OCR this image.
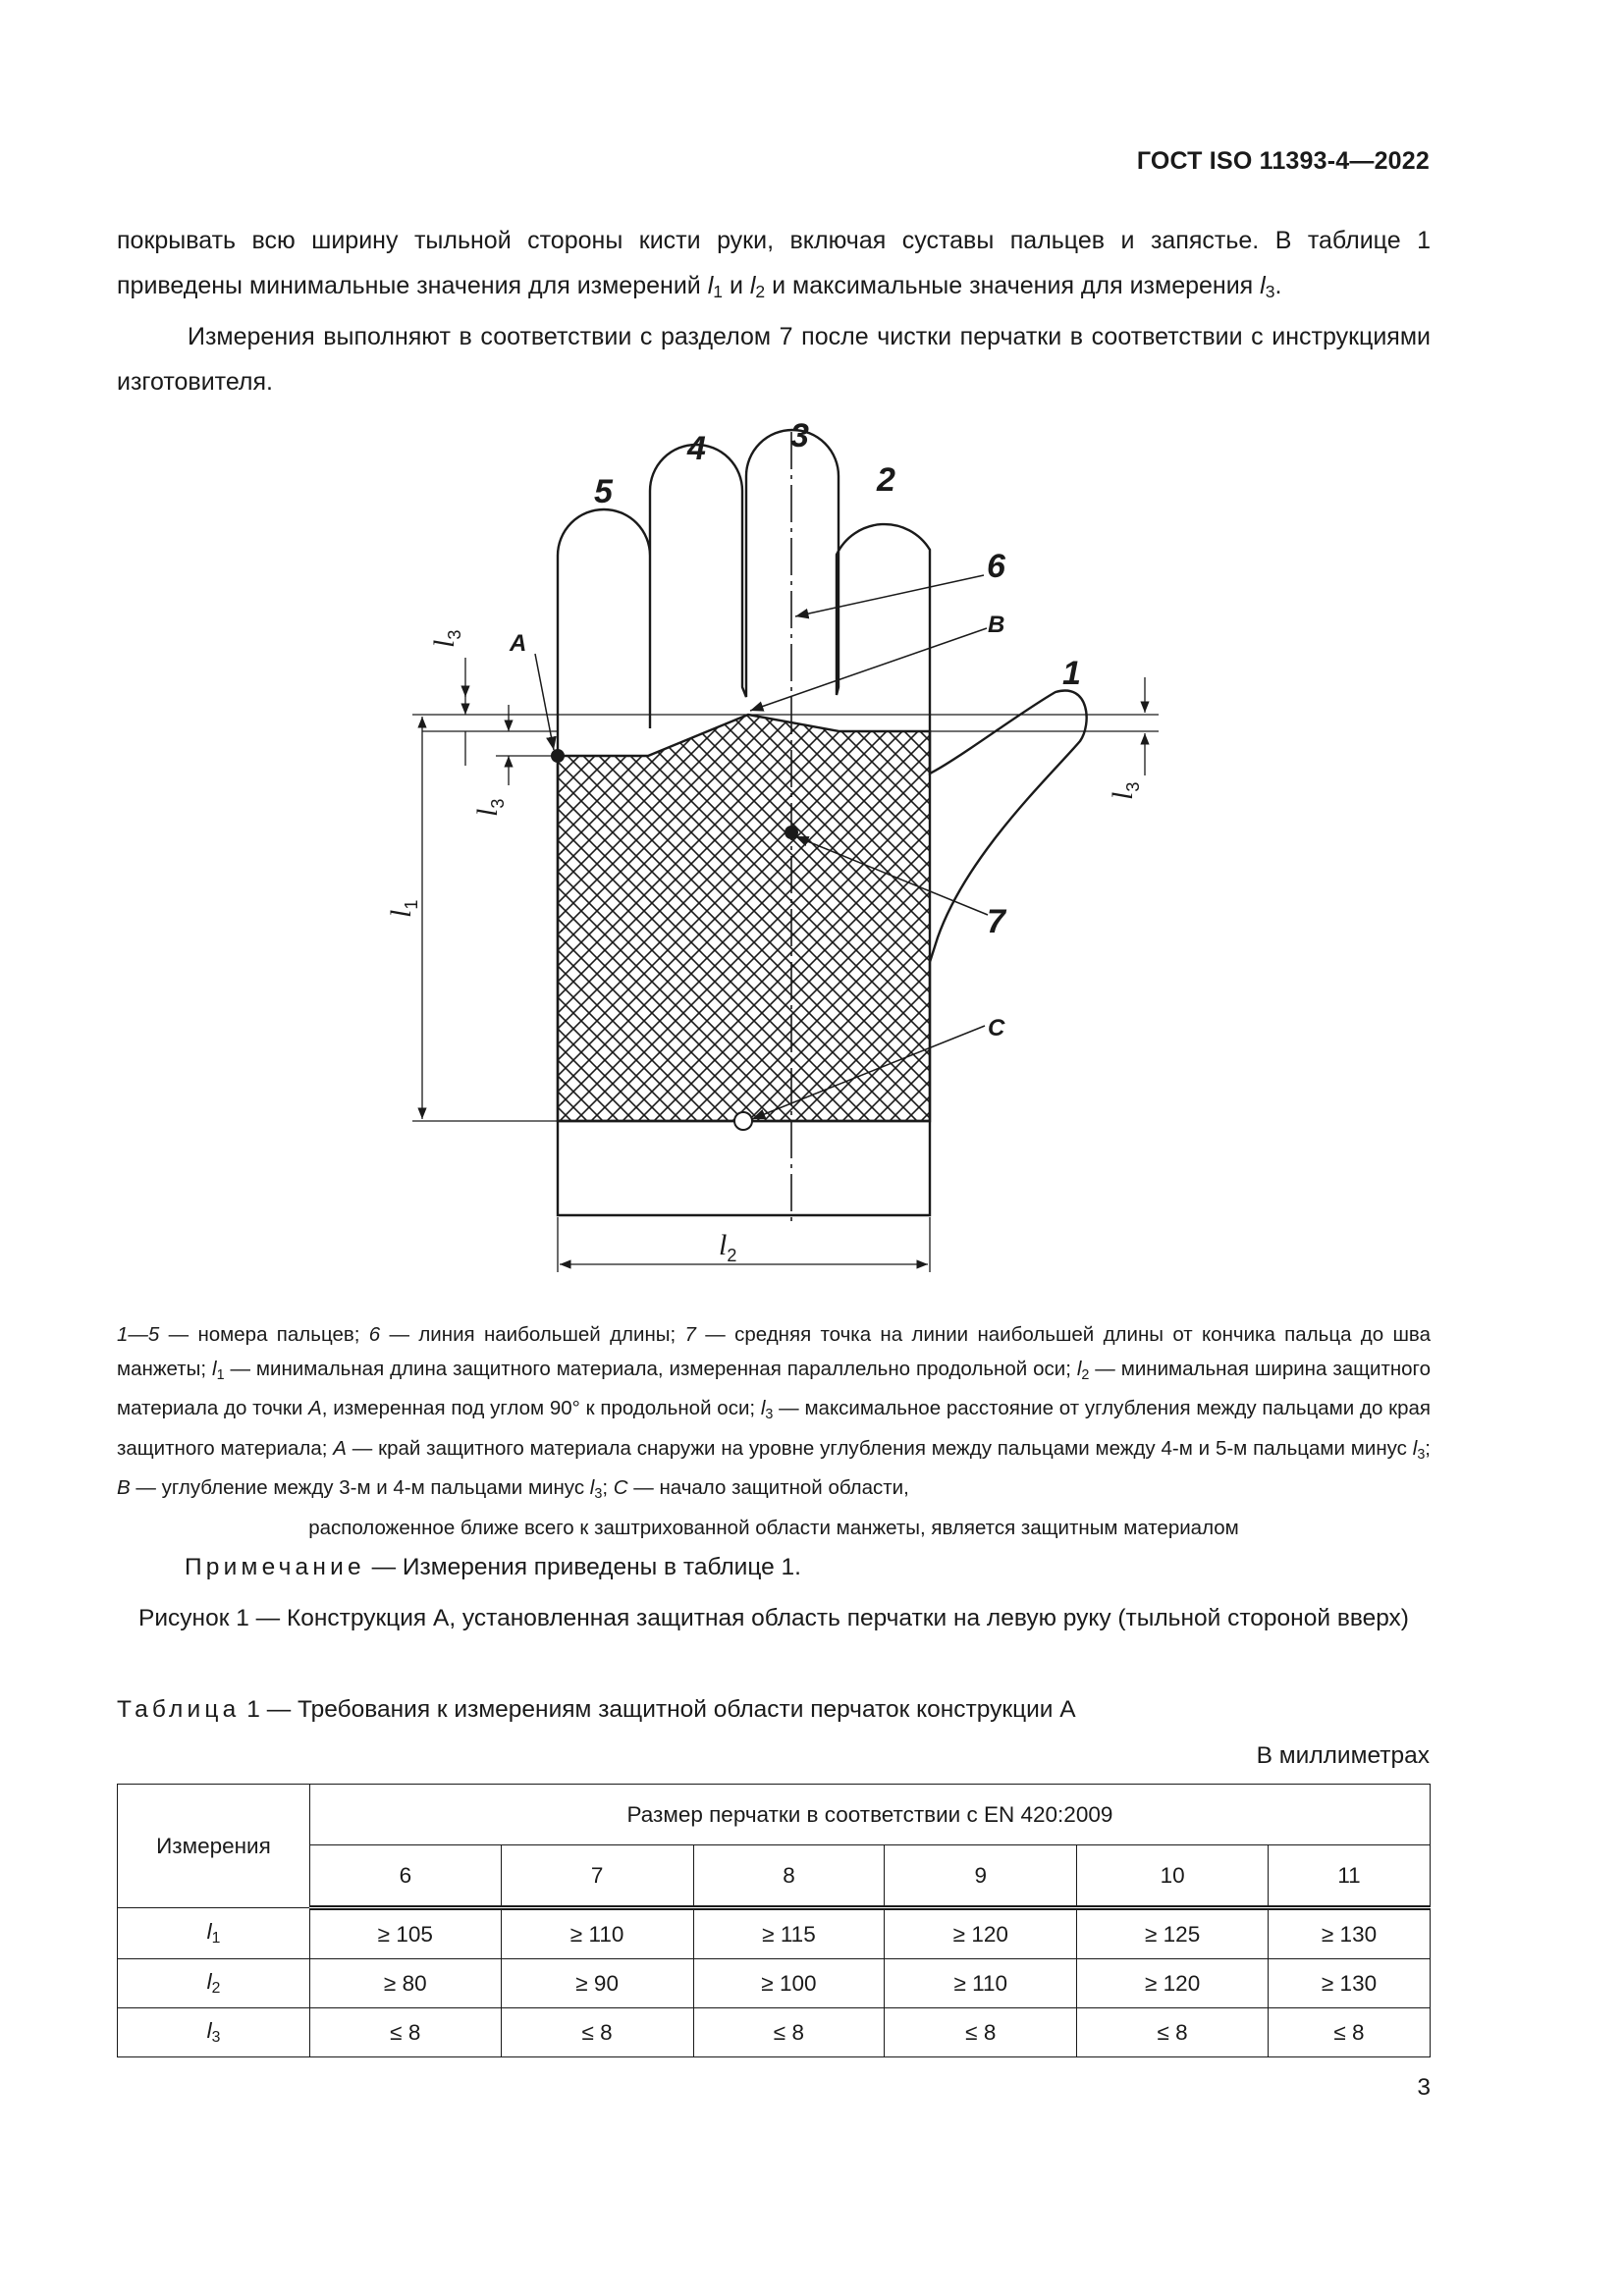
ГОСТ ISO 11393-4—2022

покрывать всю ширину тыльной стороны кисти руки, включая суставы пальцев и запястье. В таблице 1 приведены минимальные значения для измерений $l_1$ и $l_2$ и максимальные значения для измерения $l_3$.

Измерения выполняют в соответствии с разделом 7 после чистки перчатки в соответствии с инструкциями изготовителя.

5
4	3
2
1
6
7
A
B
C
$l_2$
$l_1$
$l_3$
$l_3$
$l_3$
1—5 — номера пальцев; 6 — линия наибольшей длины; 7 — средняя точка на линии наибольшей длины от кончика пальца до шва манжеты; $l_1$ — минимальная длина защитного материала, измеренная параллельно продольной оси; $l_2$ — минимальная ширина защитного материала до точки A, измеренная под углом 90° к продольной оси; $l_3$ — максимальное расстояние от углубления между пальцами до края защитного материала; A — край защитного материала снаружи на уровне углубления между пальцами между 4-м и 5-м пальцами минус $l_3$; B — углубление между 3-м и 4-м пальцами минус $l_3$; C — начало защитной области,
расположенное ближе всего к заштрихованной области манжеты, является защитным материалом
Примечание — Измерения приведены в таблице 1.
Рисунок 1 — Конструкция А, установленная защитная область перчатки на левую руку (тыльной стороной вверх)
Таблица 1 — Требования к измерениям защитной области перчаток конструкции А
В миллиметрах
Измерения	Размер перчатки в соответствии с EN 420:2009					
	6	7	8	9	10	11
$l_1$	≥ 105	≥ 110	≥ 115	≥ 120	≥ 125	≥ 130
$l_2$	≥ 80	≥ 90	≥ 100	≥ 110	≥ 120	≥ 130
$l_3$	≤ 8	≤ 8	≤ 8	≤ 8	≤ 8	≤ 8
3
